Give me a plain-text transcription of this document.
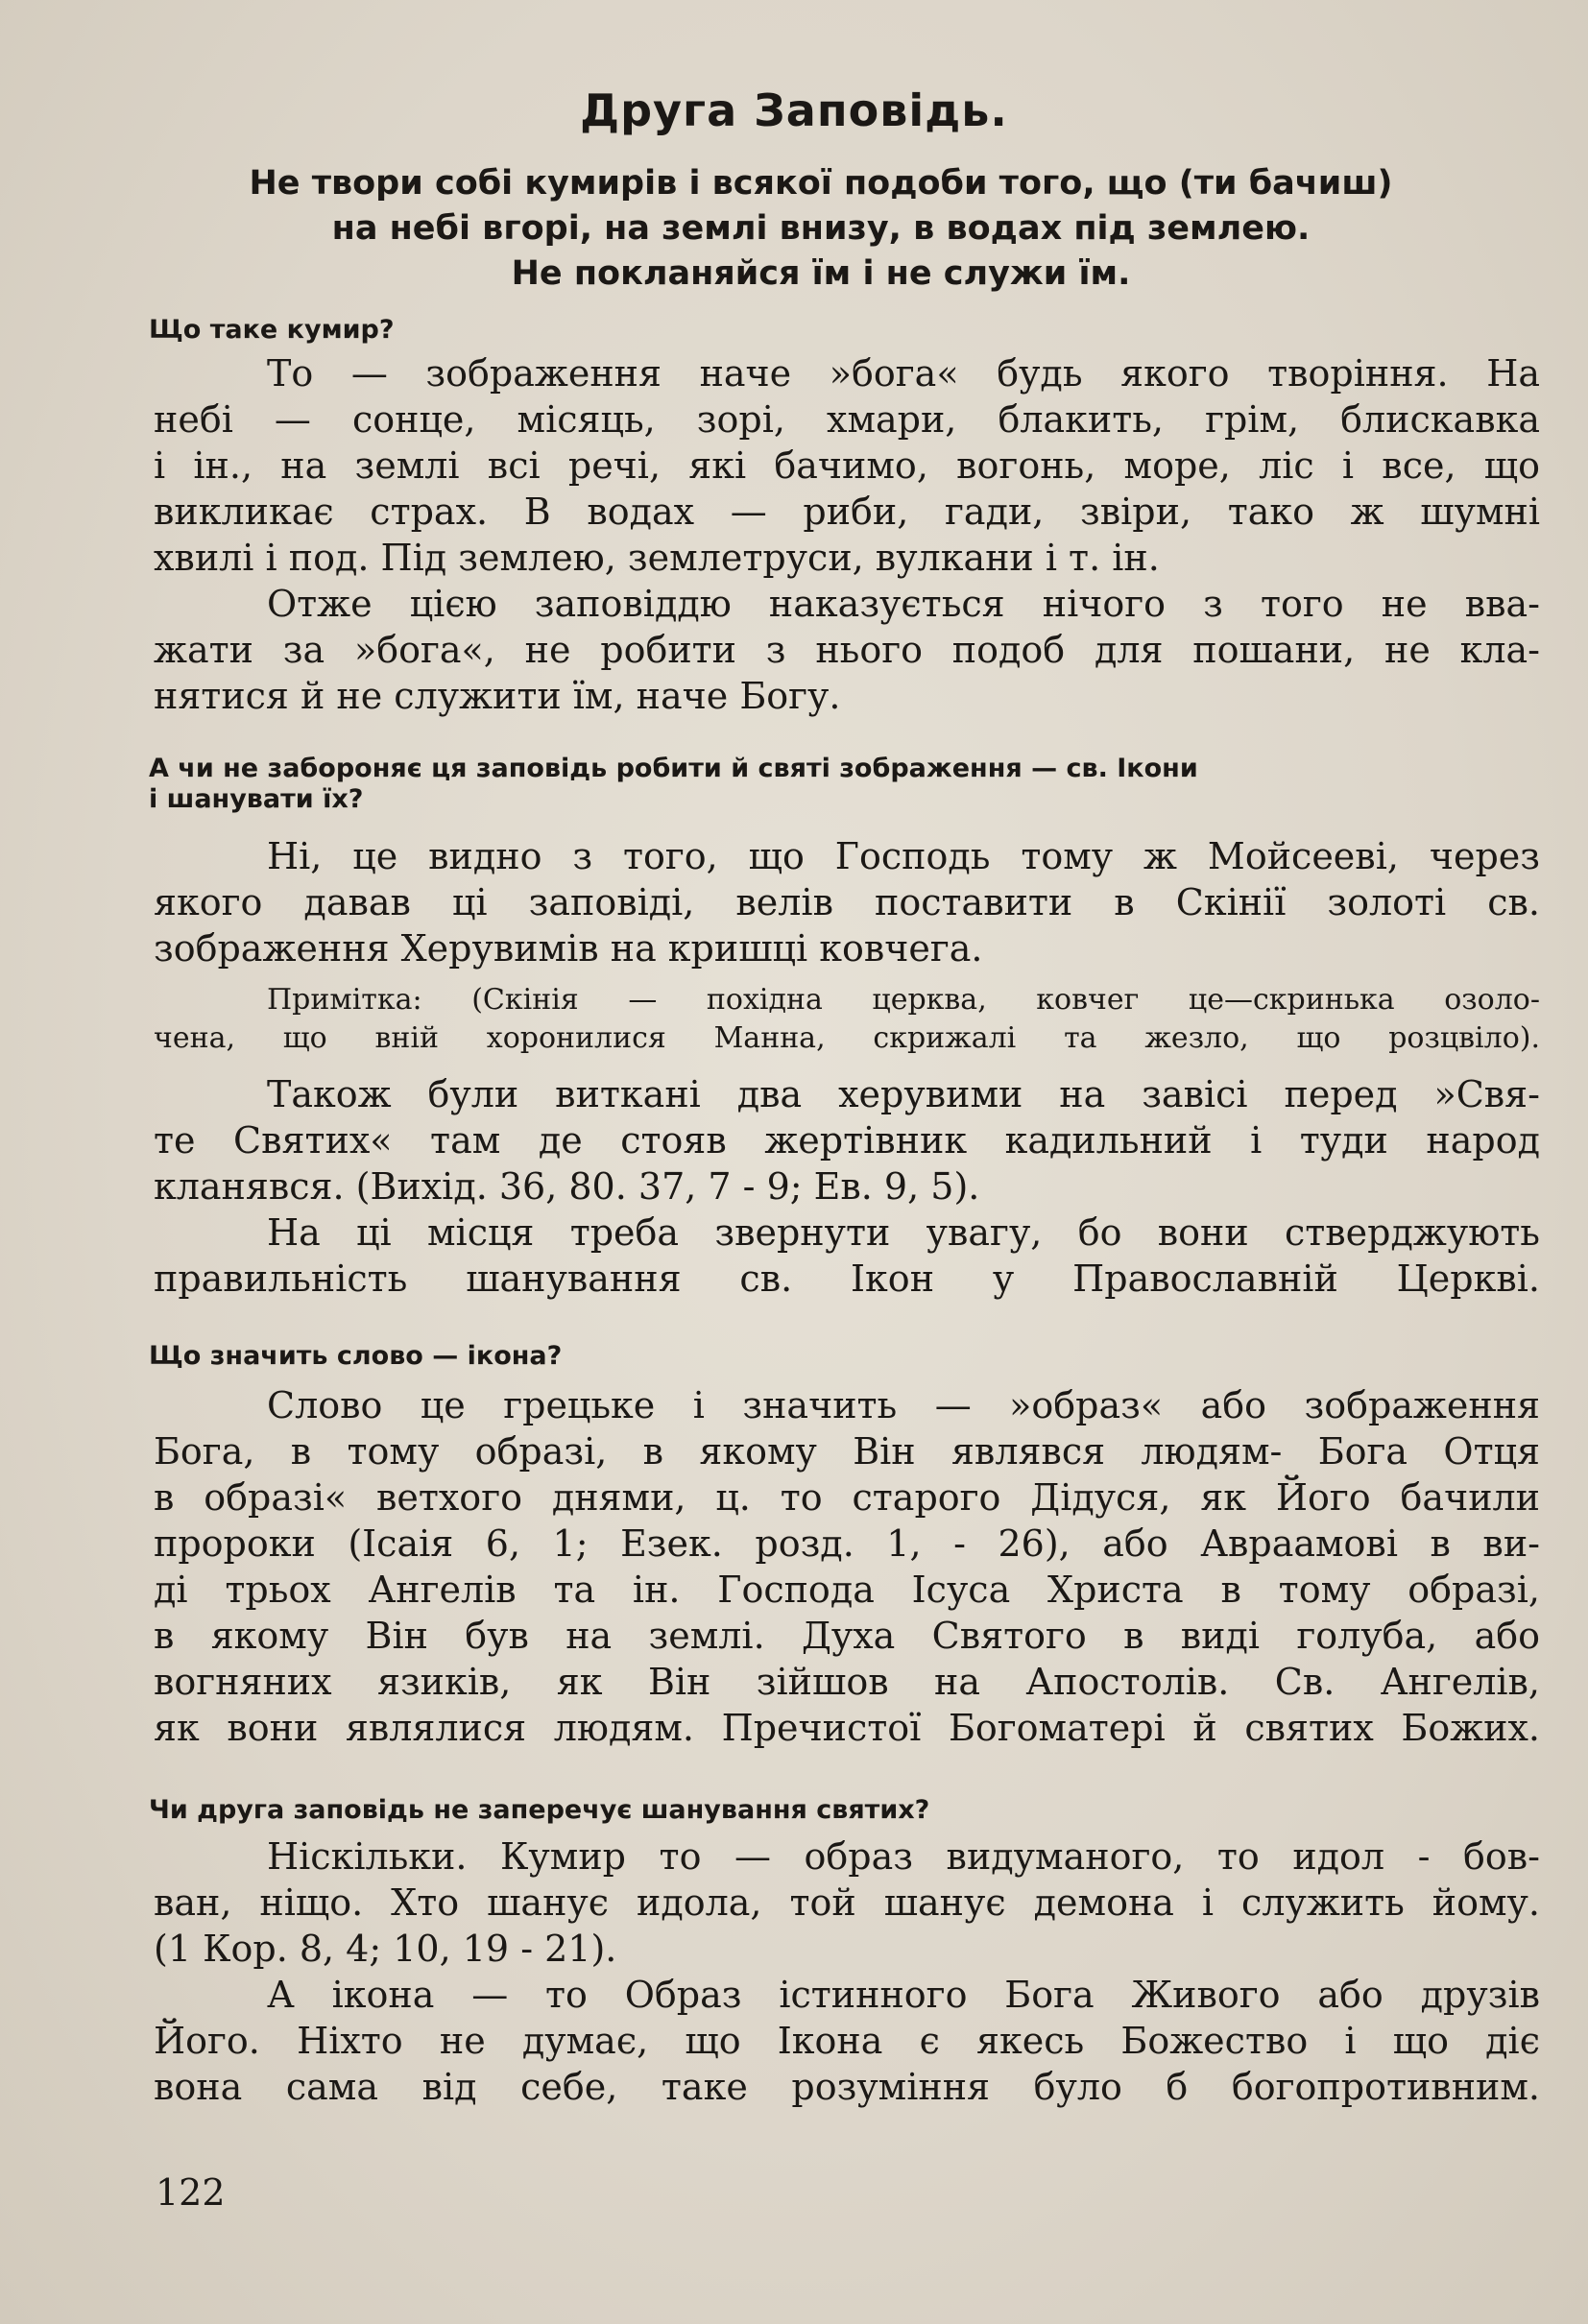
Друга Заповідь.
Не твори собі кумирів і всякої подоби того, що (ти бачиш)
на небі вгорі, на землі внизу, в водах під землею.
Не покланяйся їм і не служи їм.
Що таке кумир?
То — зображення наче »бога« будь якого творіння. На
небі — сонце, місяць, зорі, хмари, блакить, грім, блискавка
і ін., на землі всі речі, які бачимо, вогонь, море, ліс і все, що
викликає страх. В водах — риби, гади, звіри, тако ж шумні
хвилі і под. Під землею, землетруси, вулкани і т. ін.
Отже цією заповіддю наказується нічого з того не вва-
жати за »бога«, не робити з нього подоб для пошани, не кла-
нятися й не служити їм, наче Богу.
А чи не забороняє ця заповідь робити й святі зображення — св. Ікони
і шанувати їх?
Ні, це видно з того, що Господь тому ж Мойсееві, через
якого давав ці заповіді, велів поставити в Скінії золоті св.
зображення Херувимів на кришці ковчега.
Примітка: (Скінія — похідна церква, ковчег це—скринька озоло-
чена, що вній хоронилися Манна, скрижалі та жезло, що розцвіло).
Також були виткані два херувими на завісі перед »Свя-
те Святих« там де стояв жертівник кадильний і туди народ
кланявся. (Вихід. 36, 80. 37, 7 - 9; Ев. 9, 5).
На ці місця треба звернути увагу, бо вони стверджують
правильність шанування св. Ікон у Православній Церкві.
Що значить слово — ікона?
Слово це грецьке і значить — »образ« або зображення
Бога, в тому образі, в якому Він являвся людям- Бога Отця
в образі« ветхого днями, ц. то старого Дідуся, як Його бачили
пророки (Ісаія 6, 1; Езек. розд. 1, - 26), або Авраамові в ви-
ді трьох Ангелів та ін. Господа Ісуса Христа в тому образі,
в якому Він був на землі. Духа Святого в виді голуба, або
вогняних язиків, як Він зійшов на Апостолів. Св. Ангелів,
як вони являлися людям. Пречистої Богоматері й святих Божих.
Чи друга заповідь не заперечує шанування святих?
Ніскільки. Кумир то — образ видуманого, то идол - бов-
ван, ніщо. Хто шанує идола, той шанує демона і служить йому.
(1 Кор. 8, 4; 10, 19 - 21).
А ікона — то Образ істинного Бога Живого або друзів
Його. Ніхто не думає, що Ікона є якесь Божество і що діє
вона сама від себе, таке розуміння було б богопротивним.
122
